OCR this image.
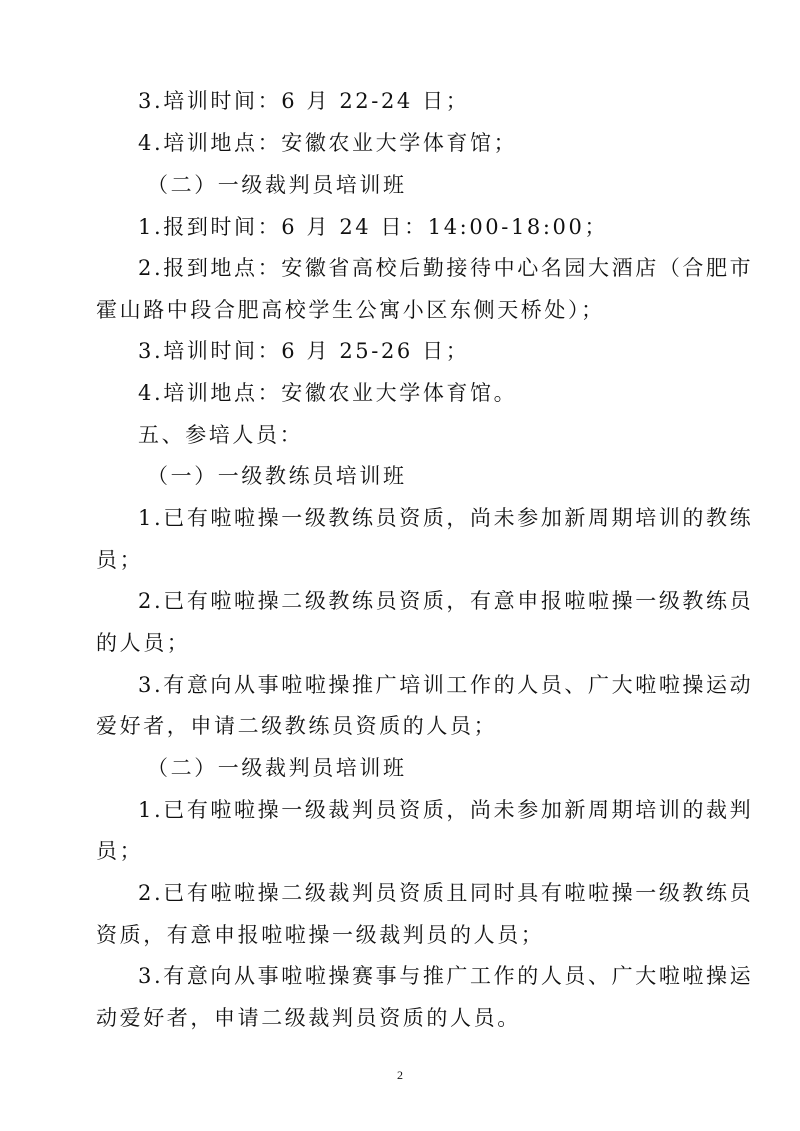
3.培训时间：6 月 22-24 日；
4.培训地点：安徽农业大学体育馆；
（二）一级裁判员培训班
1.报到时间：6 月 24 日：14:00-18:00；
2.报到地点：安徽省高校后勤接待中心名园大酒店（合肥市
霍山路中段合肥高校学生公寓小区东侧天桥处）；
3.培训时间：6 月 25-26 日；
4.培训地点：安徽农业大学体育馆。
五、参培人员：
（一）一级教练员培训班
1.已有啦啦操一级教练员资质，尚未参加新周期培训的教练
员；
2.已有啦啦操二级教练员资质，有意申报啦啦操一级教练员
的人员；
3.有意向从事啦啦操推广培训工作的人员、广大啦啦操运动
爱好者，申请二级教练员资质的人员；
（二）一级裁判员培训班
1.已有啦啦操一级裁判员资质，尚未参加新周期培训的裁判
员；
2.已有啦啦操二级裁判员资质且同时具有啦啦操一级教练员
资质，有意申报啦啦操一级裁判员的人员；
3.有意向从事啦啦操赛事与推广工作的人员、广大啦啦操运
动爱好者，申请二级裁判员资质的人员。
2
